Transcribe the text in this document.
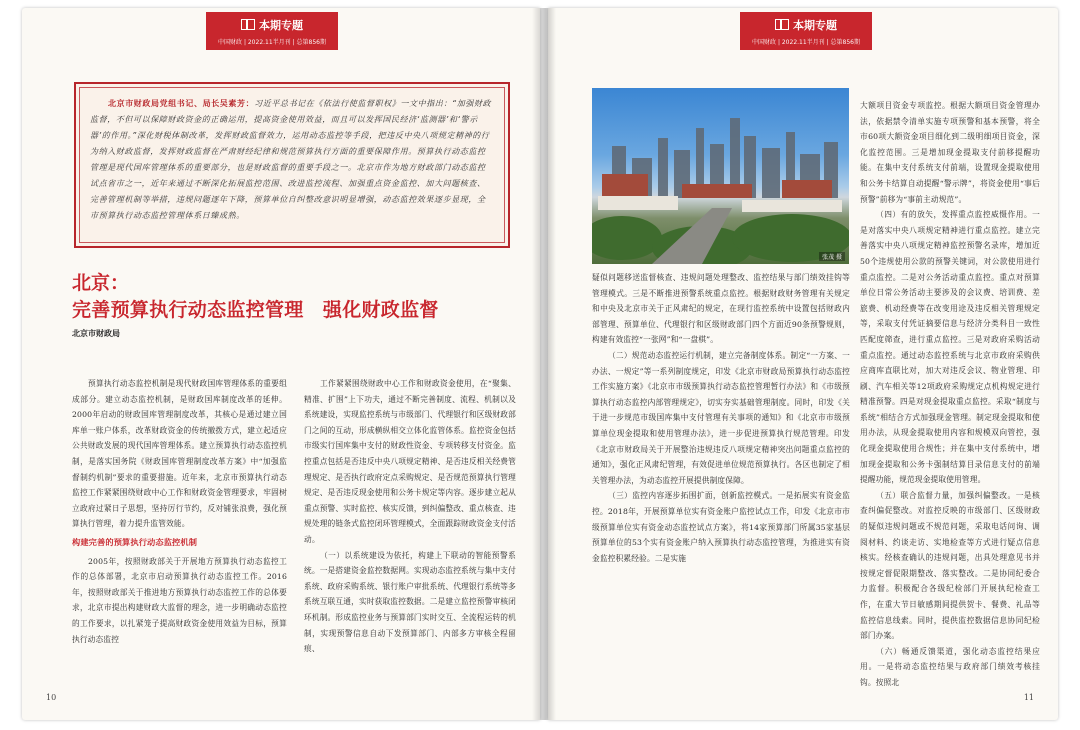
本期专题
中国财政 | 2022.11半月刊 | 总第856期
北京市财政局党组书记、局长吴素芳：习近平总书记在《依法行使监督职权》一文中指出：“加强财政监督，不但可以保障财政资金的正确运用，提高资金使用效益，而且可以发挥国民经济‘监测器’和‘警示器’的作用。”深化财税体制改革，发挥财政监督效力，运用动态监控等手段，把违反中央八项规定精神的行为纳入财政监督，发挥财政监督在严肃财经纪律和规范预算执行方面的重要保障作用。预算执行动态监控管理是现代国库管理体系的重要部分，也是财政监督的重要手段之一。北京市作为地方财政部门动态监控试点省市之一，近年来通过不断深化拓展监控范围、改进监控流程、加强重点资金监控、加大问题核查、完善管理机制等举措，违规问题逐年下降，预算单位自纠整改意识明显增强，动态监控效果逐步显现，全市预算执行动态监控管理体系日臻成熟。
北京：
完善预算执行动态监控管理　强化财政监督
北京市财政局

预算执行动态监控机制是现代财政国库管理体系的重要组成部分。建立动态监控机制，是财政国库制度改革的延伸。2000年启动的财政国库管理制度改革，其核心是通过建立国库单一账户体系，改革财政资金的传统撤拨方式，建立起适应公共财政发展的现代国库管理体系。建立预算执行动态监控机制，是落实国务院《财政国库管理制度改革方案》中“加强监督制约机制”要求的重要措施。近年来，北京市预算执行动态监控工作紧紧围绕财政中心工作和财政资金管理要求，牢固树立政府过紧日子思想，坚持厉行节约，反对铺张浪费，强化预算执行管理，着力提升监管效能。

构建完善的预算执行动态监控机制

2005年，按照财政部关于开展地方预算执行动态监控工作的总体部署，北京市启动预算执行动态监控工作。2016年，按照财政部关于推进地方预算执行动态监控工作的总体要求，北京市提出构建财政大监督的理念，进一步明确动态监控的工作要求，以扎紧笼子提高财政资金使用效益为目标，预算执行动态监控

工作紧紧围绕财政中心工作和财政资金使用，在“聚集、精准、扩围”上下功夫，通过不断完善制度、流程、机制以及系统建设，实现监控系统与市级部门、代理银行和区级财政部门之间的互动，形成横纵相交立体化监管体系。监控资金包括市级实行国库集中支付的财政性资金、专项转移支付资金。监控重点包括是否违反中央八项规定精神、是否违反相关经费管理规定、是否执行政府定点采购规定、是否规范预算执行管理规定、是否违反现金使用和公务卡规定等内容。逐步建立起从重点预警、实时监控、核实反馈，到纠偏整改、重点核查、违规处理的链条式监控闭环管理模式，全面跟踪财政资金支付活动。

（一）以系统建设为依托，构建上下联动的智能预警系统。一是搭建资金监控数据网。实现动态监控系统与集中支付系统、政府采购系统、银行账户审批系统、代理银行系统等多系统互联互通，实时获取监控数据。二是建立监控预警审核闭环机制。形成监控业务与预算部门实时交互、全流程运转的机制，实现预警信息自动下发预算部门、内部多方审核全程留痕、

10
本期专题
中国财政 | 2022.11半月刊 | 总第856期
张茂 摄

疑似问题移送监督核查、违规问题处理整改、监控结果与部门绩效挂钩等管理模式。三是不断推进预警系统重点监控。根据财政财务管理有关规定和中央及北京市关于正风肃纪的规定，在现行监控系统中设置包括财政内部管理、预算单位、代理银行和区级财政部门四个方面近90条预警规则，构建有效监控“一张网”和“一盘棋”。

（二）规范动态监控运行机制，建立完备制度体系。制定“一方案、一办法、一规定”等一系列制度规定，印发《北京市财政局预算执行动态监控工作实施方案》《北京市市级预算执行动态监控管理暂行办法》和《市级预算执行动态监控内部管理规定》，切实夯实基础管理制度。同时，印发《关于进一步规范市级国库集中支付管理有关事项的通知》和《北京市市级预算单位现金提取和使用管理办法》，进一步促进预算执行规范管理。印发《北京市财政局关于开展整治违规违反八项规定精神突出问题重点监控的通知》，强化正风肃纪管理，有效促进单位规范预算执行。各区也制定了相关管理办法，为动态监控开展提供制度保障。

（三）监控内容逐步拓围扩面，创新监控模式。一是拓展实有资金监控。2018年，开展预算单位实有资金账户监控试点工作，印发《北京市市级预算单位实有资金动态监控试点方案》，将14家预算部门所属35家基层预算单位的53个实有资金账户纳入预算执行动态监控管理，为推进实有资金监控积累经验。二是实施

大额项目资金专项监控。根据大额项目资金管理办法，依据禁令清单实施专项预警和基本预警，将全市60项大额资金项目细化到二级明细项目资金，深化监控范围。三是增加现金提取支付前移提醒功能。在集中支付系统支付前端，设置现金提取使用和公务卡结算自动提醒“警示牌”，将资金使用“事后预警”前移为“事前主动规范”。

（四）有的放矢，发挥重点监控威慑作用。一是对落实中央八项规定精神进行重点监控。建立完善落实中央八项规定精神监控预警名录库，增加近50个违规使用公款的预警关键词，对公款使用进行重点监控。二是对公务活动重点监控。重点对预算单位日常公务活动主要涉及的会议费、培训费、差旅费、机动经费等在改变用途及违反相关管理规定等，采取支付凭证摘要信息与经济分类科目一致性匹配度筛查，进行重点监控。三是对政府采购活动重点监控。通过动态监控系统与北京市政府采购供应商库直联比对，加大对违反会议、物业管理、印刷、汽车相关等12项政府采购规定点机构规定进行精准预警。四是对现金提取重点监控。采取“制度与系统”相结合方式加强现金管理。制定现金提取和使用办法，从现金提取使用内容和规模双向管控，强化现金提取使用合规性；并在集中支付系统中，增加现金提取和公务卡强制结算目录信息支付的前端提醒功能，规范现金提取使用管理。

（五）联合监督力量，加强纠偏整改。一是核查纠偏促整改。对监控反映的市级部门、区级财政的疑似违规问题或不规范问题，采取电话问询、调阅材料、约谈走访、实地检查等方式进行疑点信息核实。经核查确认的违规问题，出具处理意见书并按规定督促限期整改、落实整改。二是协同纪委合力监督。积极配合各级纪检部门开展执纪检查工作，在重大节日敏感期间提供贺卡、餐费、礼品等监控信息线索。同时，提供监控数据信息协同纪检部门办案。

（六）畅通反馈渠道，强化动态监控结果应用。一是将动态监控结果与政府部门绩效考核挂钩。按照北

11
